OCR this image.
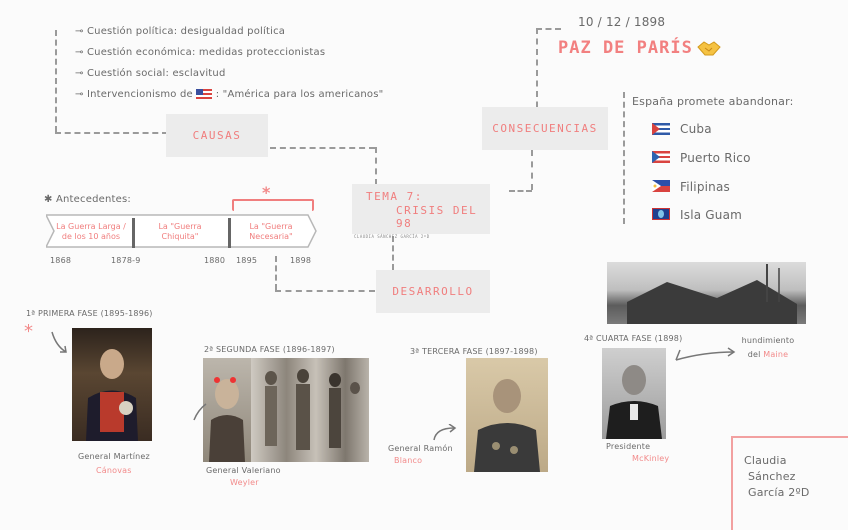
⊸ Cuestión política: desigualdad política
⊸ Cuestión económica: medidas proteccionistas
⊸ Cuestión social: esclavitud
⊸ Intervencionismo de : "América para los americanos"
CAUSAS
10 / 12 / 1898
PAZ DE PARÍS
CONSECUENCIAS
España promete abandonar:
Cuba
Puerto Rico
Filipinas
Isla Guam
TEMA 7:
CRISIS DEL 98
CLAUDIA SÁNCHEZ GARCÍA 2ºD
✱ Antecedentes:	*
La Guerra Larga / de los 10 años
La "Guerra Chiquita"
La "Guerra Necesaria"
1868	1878-9	1880 1895	1898
DESARROLLO
1ª PRIMERA FASE (1895-1896)
*
General Martínez
Cánovas
2ª SEGUNDA FASE (1896-1897)
General Valeriano
Weyler
3ª TERCERA FASE (1897-1898)
General Ramón
Blanco
4ª CUARTA FASE (1898)	hundimiento del Maine
Presidente
McKinley	Claudia
Sánchez
García 2ºD
